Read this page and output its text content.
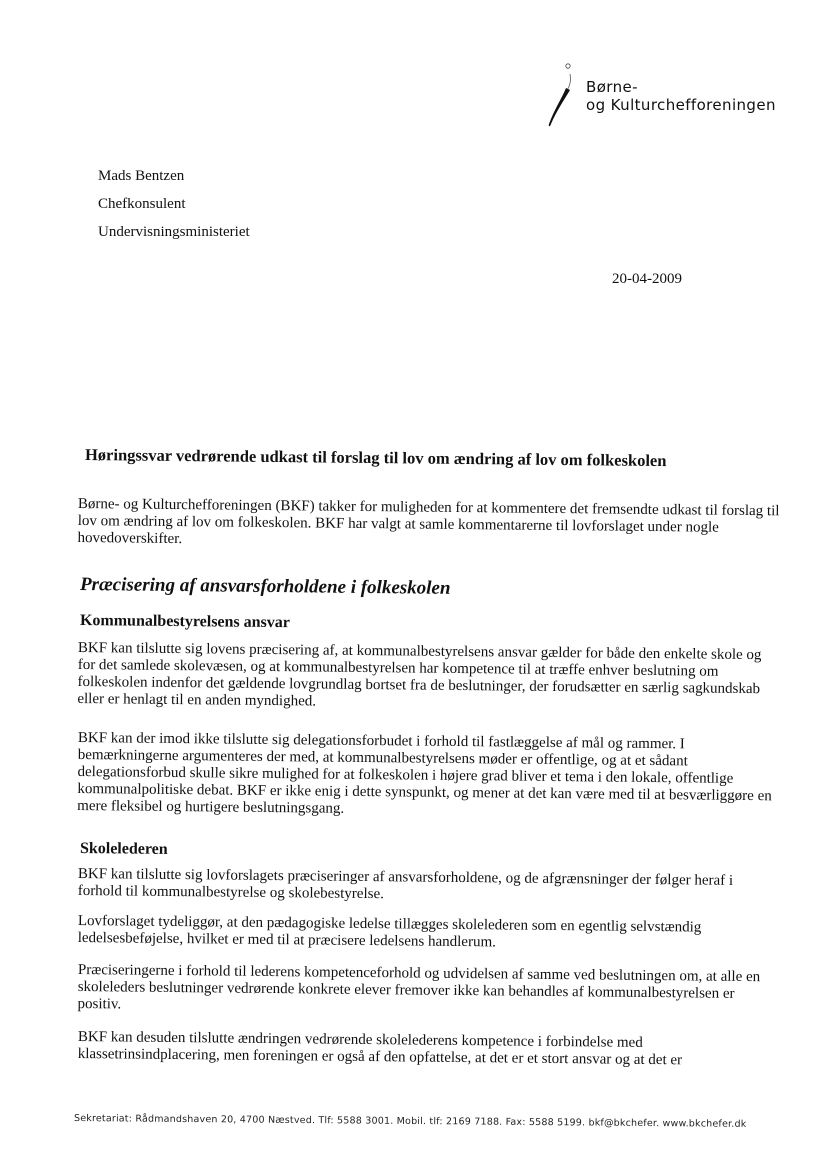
Børne-
og Kulturchefforeningen
Mads Bentzen
Chefkonsulent
Undervisningsministeriet
20-04-2009
Høringssvar vedrørende udkast til forslag til lov om ændring af lov om folkeskolen

Børne- og Kulturchefforeningen (BKF) takker for muligheden for at kommentere det fremsendte udkast til forslag til lov om ændring af lov om folkeskolen. BKF har valgt at samle kommentarerne til lovforslaget under nogle hovedoverskifter.

Præcisering af ansvarsforholdene i folkeskolen
Kommunalbestyrelsens ansvar

BKF kan tilslutte sig lovens præcisering af, at kommunalbestyrelsens ansvar gælder for både den enkelte skole og for det samlede skolevæsen, og at kommunalbestyrelsen har kompetence til at træffe enhver beslutning om folkeskolen indenfor det gældende lovgrundlag bortset fra de beslutninger, der forudsætter en særlig sagkundskab eller er henlagt til en anden myndighed.

BKF kan der imod ikke tilslutte sig delegationsforbudet i forhold til fastlæggelse af mål og rammer. I bemærkningerne argumenteres der med, at kommunalbestyrelsens møder er offentlige, og at et sådant delegationsforbud skulle sikre mulighed for at folkeskolen i højere grad bliver et tema i den lokale, offentlige kommunalpolitiske debat. BKF er ikke enig i dette synspunkt, og mener at det kan være med til at besværliggøre en mere fleksibel og hurtigere beslutningsgang.

Skolelederen

BKF kan tilslutte sig lovforslagets præciseringer af ansvarsforholdene, og de afgrænsninger der følger heraf i forhold til kommunalbestyrelse og skolebestyrelse.

Lovforslaget tydeliggør, at den pædagogiske ledelse tillægges skolelederen som en egentlig selvstændig ledelsesbeføjelse, hvilket er med til at præcisere ledelsens handlerum.

Præciseringerne i forhold til lederens kompetenceforhold og udvidelsen af samme ved beslutningen om, at alle en skoleleders beslutninger vedrørende konkrete elever fremover ikke kan behandles af kommunalbestyrelsen er positiv.

BKF kan desuden tilslutte ændringen vedrørende skolelederens kompetence i forbindelse med klassetrinsindplacering, men foreningen er også af den opfattelse, at det er et stort ansvar og at det er

Sekretariat: Rådmandshaven 20, 4700 Næstved. Tlf: 5588 3001. Mobil. tlf: 2169 7188. Fax: 5588 5199. bkf@bkchefer. www.bkchefer.dk
